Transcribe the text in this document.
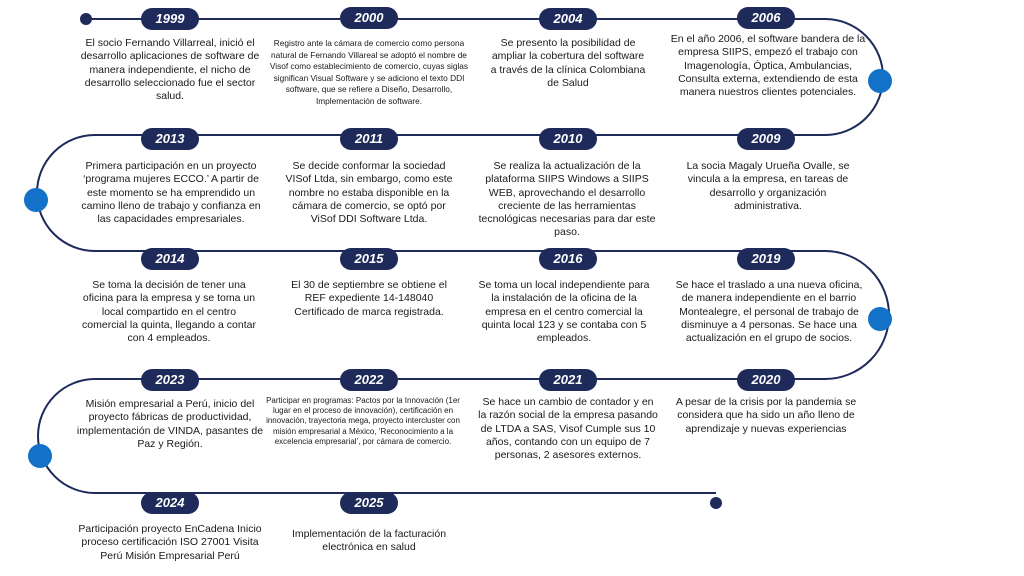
1999
El socio Fernando Villarreal, inició el desarrollo aplicaciones de software de manera independiente, el nicho de desarrollo seleccionado fue el sector salud.
2000
Registro ante la cámara de comercio como persona natural de Fernando Villareal se adoptó el nombre de Visof como establecimiento de comercio, cuyas siglas significan Visual Software y se adiciono el texto DDI software, que se refiere a Diseño, Desarrollo, Implementación de software.
2004
Se presento la posibilidad de ampliar la cobertura del software a través de la clínica Colombiana de Salud
2006
En el año 2006, el software bandera de la empresa SIIPS, empezó el trabajo con Imagenología, Óptica, Ambulancias, Consulta externa, extendiendo de esta manera nuestros clientes potenciales.
2013
Primera participación en un proyecto ‘programa mujeres ECCO.’ A partir de este momento se ha emprendido un camino lleno de trabajo y confianza en las capacidades empresariales.
2011
Se decide conformar la sociedad VISof Ltda, sin embargo, como este nombre no estaba disponible en la cámara de comercio, se optó por ViSof DDI Software Ltda.
2010
Se realiza la actualización de la plataforma SIIPS Windows a SIIPS WEB, aprovechando el desarrollo creciente de las herramientas tecnológicas necesarias para dar este paso.
2009
La socia Magaly Urueña Ovalle, se vincula a la empresa, en tareas de desarrollo y organización administrativa.
2014
Se toma la decisión de tener una oficina para la empresa y se toma un local compartido en el centro comercial la quinta, llegando a contar con 4 empleados.
2015
El 30 de septiembre se obtiene el REF expediente 14-148040 Certificado de marca registrada.
2016
Se toma un local independiente para la instalación de la oficina de la empresa en el centro comercial la quinta local 123 y se contaba con 5 empleados.
2019
Se hace el traslado a una nueva oficina, de manera independiente en el barrio Montealegre, el personal de trabajo de disminuye a 4 personas. Se hace una actualización en el grupo de socios.
2023
Misión empresarial a Perú, inicio del proyecto fábricas de productividad, implementación de VINDA, pasantes de Paz y Región.
2022
Participar en programas: Pactos por la Innovación (1er lugar en el proceso de innovación), certificación en innovación, trayectoria mega, proyecto intercluster con misión empresarial a México, ‘Reconocimiento a la excelencia empresarial’, por cámara de comercio.
2021
Se hace un cambio de contador y en la razón social de la empresa pasando de LTDA a SAS, Visof Cumple sus 10 años, contando con un equipo de 7 personas, 2 asesores externos.
2020
A pesar de la crisis por la pandemia se considera que ha sido un año lleno de aprendizaje y nuevas experiencias
2024
Participación proyecto EnCadena Inicio proceso certificación ISO 27001 Visita Perú Misión Empresarial Perú
2025
Implementación de la facturación electrónica en salud
